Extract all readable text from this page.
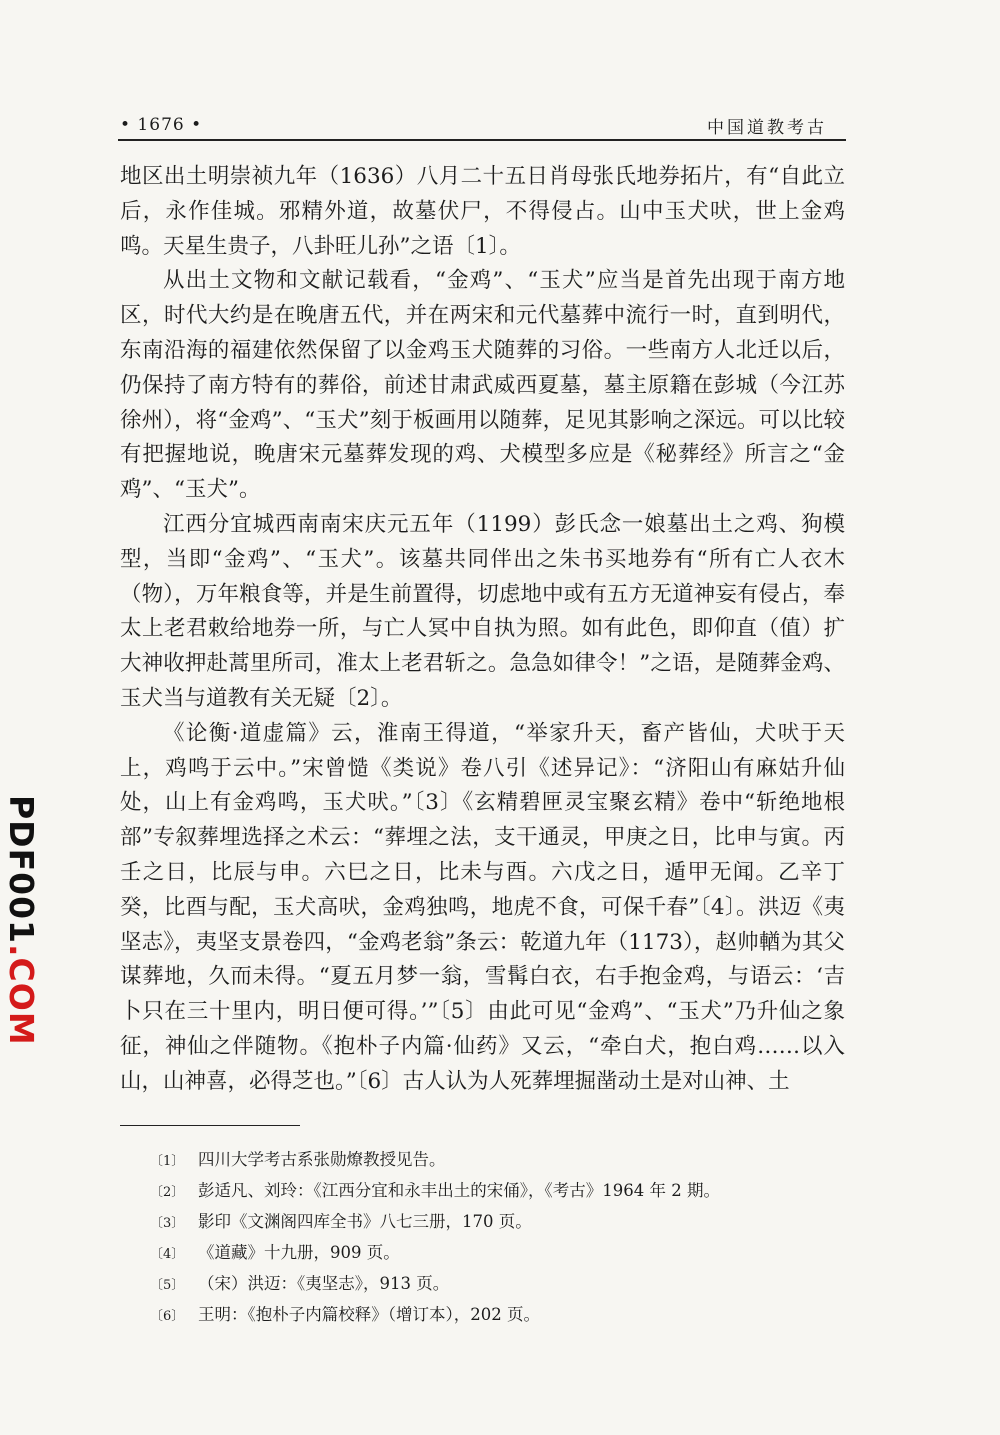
• 1676 •	中国道教考古

地区出土明崇祯九年（1636）八月二十五日肖母张氏地券拓片，有“自此立后，永作佳城。邪精外道，故墓伏尸，不得侵占。山中玉犬吠，世上金鸡鸣。天星生贵子，八卦旺儿孙”之语〔1〕。

从出土文物和文献记载看，“金鸡”、“玉犬”应当是首先出现于南方地区，时代大约是在晚唐五代，并在两宋和元代墓葬中流行一时，直到明代，东南沿海的福建依然保留了以金鸡玉犬随葬的习俗。一些南方人北迁以后，仍保持了南方特有的葬俗，前述甘肃武威西夏墓，墓主原籍在彭城（今江苏徐州），将“金鸡”、“玉犬”刻于板画用以随葬，足见其影响之深远。可以比较有把握地说，晚唐宋元墓葬发现的鸡、犬模型多应是《秘葬经》所言之“金鸡”、“玉犬”。

江西分宜城西南南宋庆元五年（1199）彭氏念一娘墓出土之鸡、狗模型，当即“金鸡”、“玉犬”。该墓共同伴出之朱书买地券有“所有亡人衣木（物），万年粮食等，并是生前置得，切虑地中或有五方无道神妄有侵占，奉太上老君敕给地券一所，与亡人冥中自执为照。如有此色，即仰直（值）扩大神收押赴蒿里所司，准太上老君斩之。急急如律令！”之语，是随葬金鸡、玉犬当与道教有关无疑〔2〕。

《论衡·道虚篇》云，淮南王得道，“举家升天，畜产皆仙，犬吠于天上，鸡鸣于云中。”宋曾慥《类说》卷八引《述异记》：“济阳山有麻姑升仙处，山上有金鸡鸣，玉犬吠。”〔3〕《玄精碧匣灵宝聚玄精》卷中“斩绝地根部”专叙葬埋选择之术云：“葬埋之法，支干通灵，甲庚之日，比申与寅。丙壬之日，比辰与申。六巳之日，比未与酉。六戊之日，遁甲无闻。乙辛丁癸，比酉与配，玉犬高吠，金鸡独鸣，地虎不食，可保千春”〔4〕。洪迈《夷坚志》，夷坚支景卷四，“金鸡老翁”条云：乾道九年（1173），赵帅輶为其父谋葬地，久而未得。“夏五月梦一翁，雪髯白衣，右手抱金鸡，与语云：‘吉卜只在三十里内，明日便可得。’”〔5〕由此可见“金鸡”、“玉犬”乃升仙之象征，神仙之伴随物。《抱朴子内篇·仙药》又云，“牵白犬，抱白鸡……以入山，山神喜，必得芝也。”〔6〕古人认为人死葬埋掘凿动土是对山神、土

〔1〕 四川大学考古系张勋燎教授见告。
〔2〕 彭适凡、刘玲：《江西分宜和永丰出土的宋俑》，《考古》1964 年 2 期。
〔3〕 影印《文渊阁四库全书》八七三册，170 页。
〔4〕 《道藏》十九册，909 页。
〔5〕 （宋）洪迈：《夷坚志》，913 页。
〔6〕 王明：《抱朴子内篇校释》（增订本），202 页。
PDF001.COM
